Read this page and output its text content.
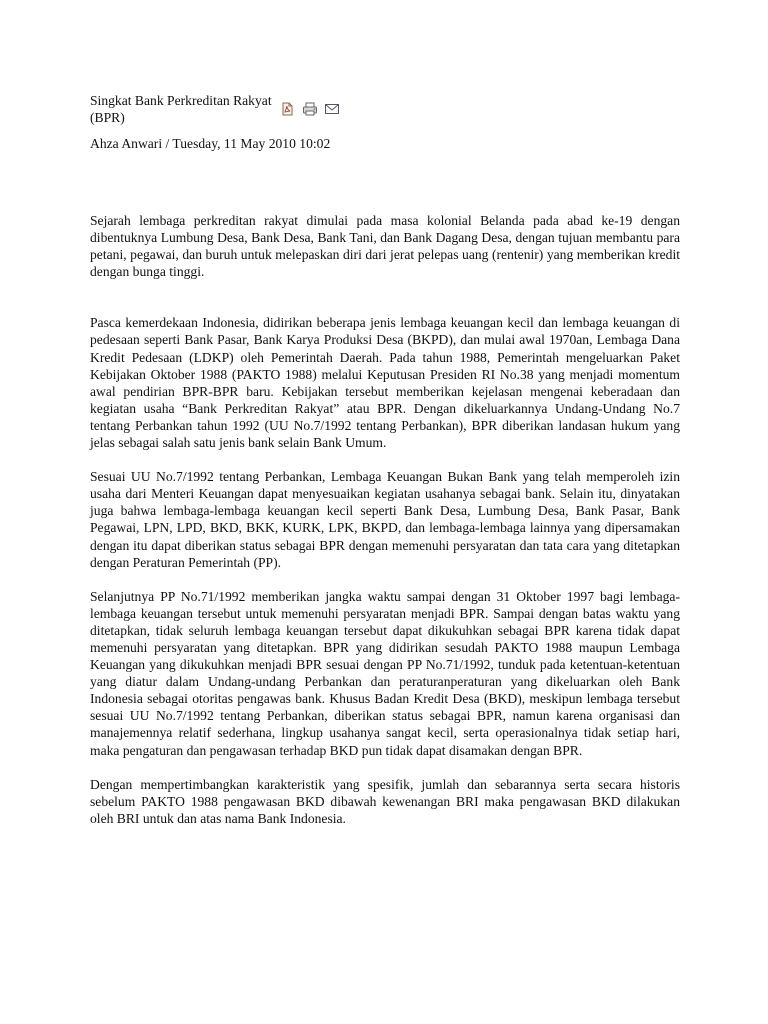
Singkat Bank Perkreditan Rakyat (BPR)
Ahza Anwari / Tuesday, 11 May 2010 10:02

Sejarah lembaga perkreditan rakyat dimulai pada masa kolonial Belanda pada abad ke-19 dengan dibentuknya Lumbung Desa, Bank Desa, Bank Tani, dan Bank Dagang Desa, dengan tujuan membantu para petani, pegawai, dan buruh untuk melepaskan diri dari jerat pelepas uang (rentenir) yang memberikan kredit dengan bunga tinggi.

Pasca kemerdekaan Indonesia, didirikan beberapa jenis lembaga keuangan kecil dan lembaga keuangan di pedesaan seperti Bank Pasar, Bank Karya Produksi Desa (BKPD), dan mulai awal 1970an, Lembaga Dana Kredit Pedesaan (LDKP) oleh Pemerintah Daerah. Pada tahun 1988, Pemerintah mengeluarkan Paket Kebijakan Oktober 1988 (PAKTO 1988) melalui Keputusan Presiden RI No.38 yang menjadi momentum awal pendirian BPR-BPR baru. Kebijakan tersebut memberikan kejelasan mengenai keberadaan dan kegiatan usaha “Bank Perkreditan Rakyat” atau BPR. Dengan dikeluarkannya Undang-Undang No.7 tentang Perbankan tahun 1992 (UU No.7/1992 tentang Perbankan), BPR diberikan landasan hukum yang jelas sebagai salah satu jenis bank selain Bank Umum.

Sesuai UU No.7/1992 tentang Perbankan, Lembaga Keuangan Bukan Bank yang telah memperoleh izin usaha dari Menteri Keuangan dapat menyesuaikan kegiatan usahanya sebagai bank. Selain itu, dinyatakan juga bahwa lembaga-lembaga keuangan kecil seperti Bank Desa, Lumbung Desa, Bank Pasar, Bank Pegawai, LPN, LPD, BKD, BKK, KURK, LPK, BKPD, dan lembaga-lembaga lainnya yang dipersamakan dengan itu dapat diberikan status sebagai BPR dengan memenuhi persyaratan dan tata cara yang ditetapkan dengan Peraturan Pemerintah (PP).

Selanjutnya PP No.71/1992 memberikan jangka waktu sampai dengan 31 Oktober 1997 bagi lembaga-lembaga keuangan tersebut untuk memenuhi persyaratan menjadi BPR. Sampai dengan batas waktu yang ditetapkan, tidak seluruh lembaga keuangan tersebut dapat dikukuhkan sebagai BPR karena tidak dapat memenuhi persyaratan yang ditetapkan. BPR yang didirikan sesudah PAKTO 1988 maupun Lembaga Keuangan yang dikukuhkan menjadi BPR sesuai dengan PP No.71/1992, tunduk pada ketentuan-ketentuan yang diatur dalam Undang-undang Perbankan dan peraturanperaturan yang dikeluarkan oleh Bank Indonesia sebagai otoritas pengawas bank. Khusus Badan Kredit Desa (BKD), meskipun lembaga tersebut sesuai UU No.7/1992 tentang Perbankan, diberikan status sebagai BPR, namun karena organisasi dan manajemennya relatif sederhana, lingkup usahanya sangat kecil, serta operasionalnya tidak setiap hari, maka pengaturan dan pengawasan terhadap BKD pun tidak dapat disamakan dengan BPR.

Dengan mempertimbangkan karakteristik yang spesifik, jumlah dan sebarannya serta secara historis sebelum PAKTO 1988 pengawasan BKD dibawah kewenangan BRI maka pengawasan BKD dilakukan oleh BRI untuk dan atas nama Bank Indonesia.
